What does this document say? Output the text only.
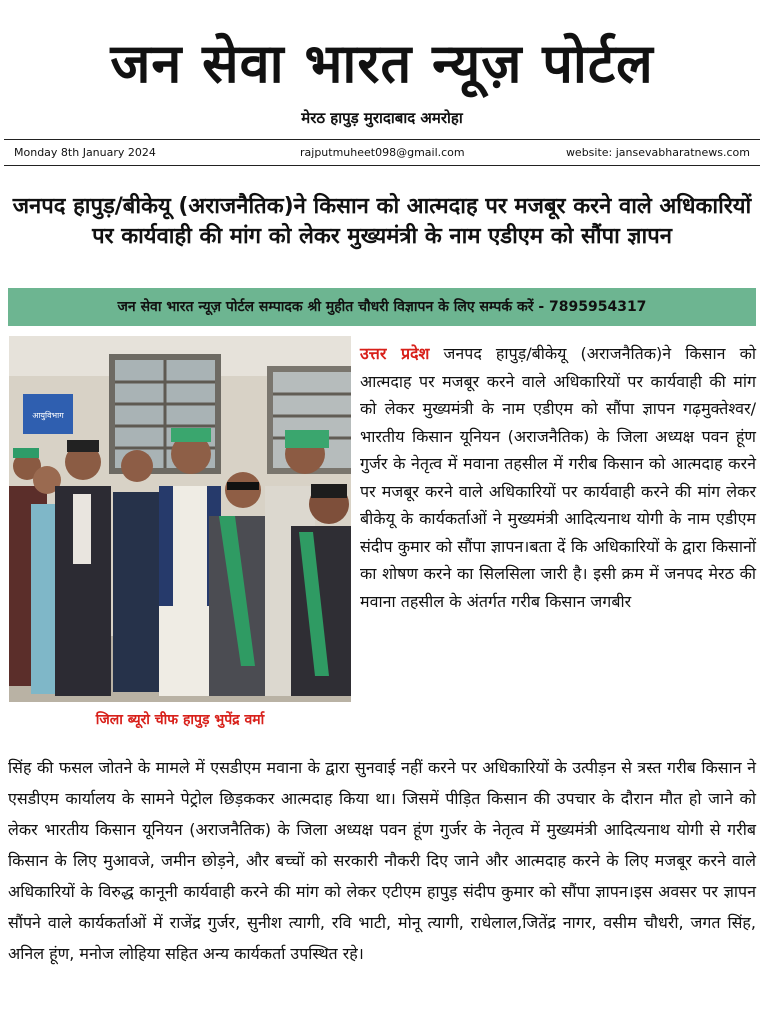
जन सेवा भारत न्यूज़ पोर्टल
मेरठ हापुड़ मुरादाबाद अमरोहा
Monday 8th January 2024	rajputmuheet098@gmail.com	website: jansevabharatnews.com
जनपद हापुड़/बीकेयू (अराजनैतिक)ने किसान को आत्मदाह पर मजबूर करने वाले अधिकारियों पर कार्यवाही की मांग को लेकर मुख्यमंत्री के नाम एडीएम को सौंपा ज्ञापन
जन सेवा भारत न्यूज़ पोर्टल सम्पादक श्री मुहीत चौधरी विज्ञापन के लिए सम्पर्क करें - 7895954317
आयुविभाग
जिला ब्यूरो चीफ हापुड़ भुपेंद्र वर्मा
उत्तर प्रदेश जनपद हापुड़/बीकेयू (अराजनैतिक)ने किसान को आत्मदाह पर मजबूर करने वाले अधिकारियों पर कार्यवाही की मांग को लेकर मुख्यमंत्री के नाम एडीएम को सौंपा ज्ञापन गढ़मुक्तेश्वर/भारतीय किसान यूनियन (अराजनैतिक) के जिला अध्यक्ष पवन हूंण गुर्जर के नेतृत्व में मवाना तहसील में गरीब किसान को आत्मदाह करने पर मजबूर करने वाले अधिकारियों पर कार्यवाही करने की मांग लेकर बीकेयू के कार्यकर्ताओं ने मुख्यमंत्री आदित्यनाथ योगी के नाम एडीएम संदीप कुमार को सौंपा ज्ञापन।बता दें कि अधिकारियों के द्वारा किसानों का शोषण करने का सिलसिला जारी है। इसी क्रम में जनपद मेरठ की मवाना तहसील के अंतर्गत गरीब किसान जगबीर
सिंह की फसल जोतने के मामले में एसडीएम मवाना के द्वारा सुनवाई नहीं करने पर अधिकारियों के उत्पीड़न से त्रस्त गरीब किसान ने एसडीएम कार्यालय के सामने पेट्रोल छिड़ककर आत्मदाह किया था। जिसमें पीड़ित किसान की उपचार के दौरान मौत हो जाने को लेकर भारतीय किसान यूनियन (अराजनैतिक) के जिला अध्यक्ष पवन हूंण गुर्जर के नेतृत्व में मुख्यमंत्री आदित्यनाथ योगी से गरीब किसान के लिए मुआवजे, जमीन छोड़ने, और बच्चों को सरकारी नौकरी दिए जाने और आत्मदाह करने के लिए मजबूर करने वाले अधिकारियों के विरुद्ध कानूनी कार्यवाही करने की मांग को लेकर एटीएम हापुड़ संदीप कुमार को सौंपा ज्ञापन।इस अवसर पर ज्ञापन सौंपने वाले कार्यकर्ताओं में राजेंद्र गुर्जर, सुनीश त्यागी, रवि भाटी, मोनू त्यागी, राधेलाल,जितेंद्र नागर, वसीम चौधरी, जगत सिंह, अनिल हूंण, मनोज लोहिया सहित अन्य कार्यकर्ता उपस्थित रहे।
